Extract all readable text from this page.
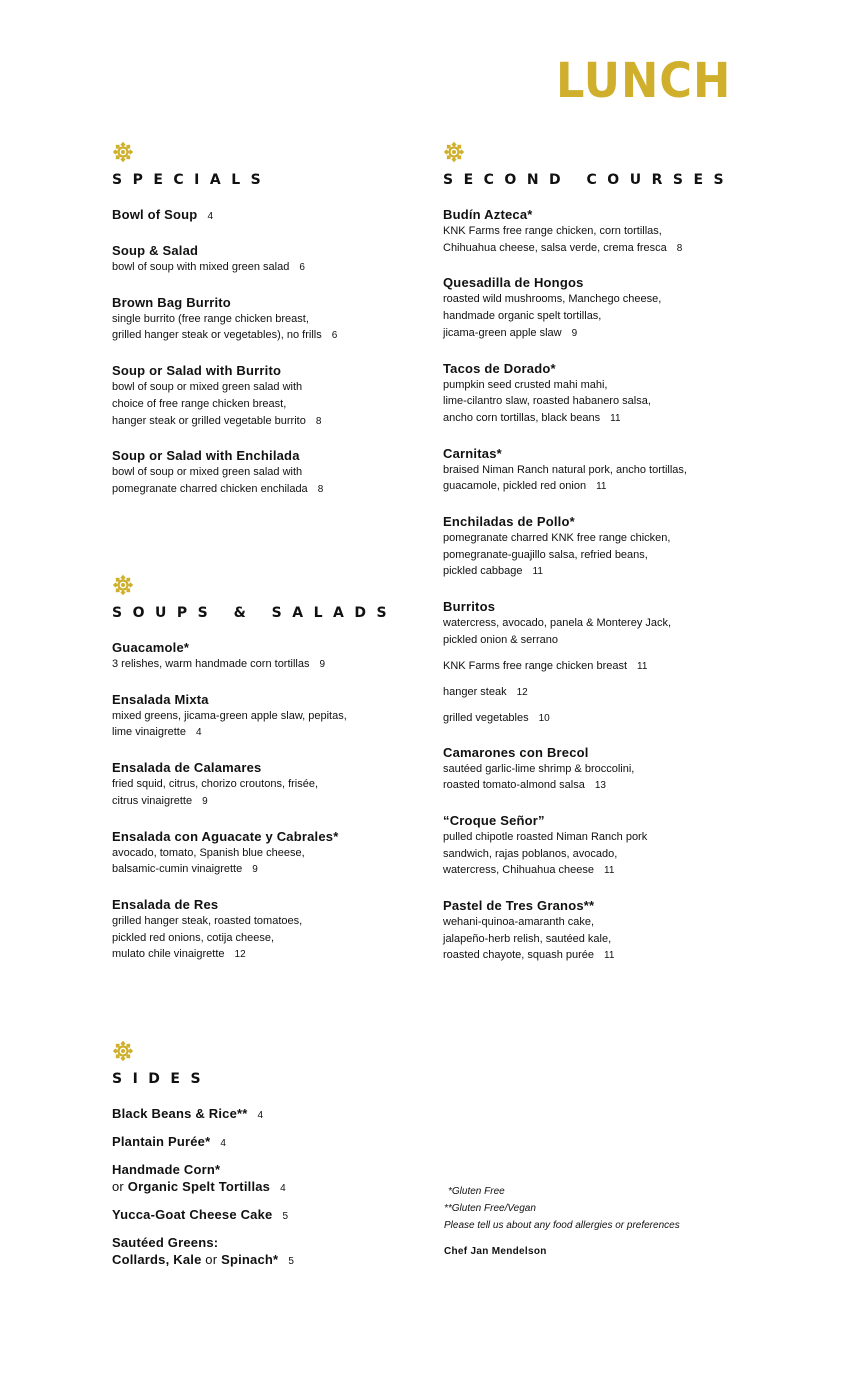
LUNCH
SPECIALS
Bowl of Soup 4
Soup & Salad
bowl of soup with mixed green salad 6
Brown Bag Burrito
single burrito (free range chicken breast,
grilled hanger steak or vegetables), no frills 6
Soup or Salad with Burrito
bowl of soup or mixed green salad with
choice of free range chicken breast,
hanger steak or grilled vegetable burrito 8
Soup or Salad with Enchilada
bowl of soup or mixed green salad with
pomegranate charred chicken enchilada 8
SOUPS & SALADS
Guacamole*
3 relishes, warm handmade corn tortillas 9
Ensalada Mixta
mixed greens, jicama-green apple slaw, pepitas,
lime vinaigrette 4
Ensalada de Calamares
fried squid, citrus, chorizo croutons, frisée,
citrus vinaigrette 9
Ensalada con Aguacate y Cabrales*
avocado, tomato, Spanish blue cheese,
balsamic-cumin vinaigrette 9
Ensalada de Res
grilled hanger steak, roasted tomatoes,
pickled red onions, cotija cheese,
mulato chile vinaigrette 12
SECOND COURSES
Budín Azteca*
KNK Farms free range chicken, corn tortillas,
Chihuahua cheese, salsa verde, crema fresca 8
Quesadilla de Hongos
roasted wild mushrooms, Manchego cheese,
handmade organic spelt tortillas,
jicama-green apple slaw 9
Tacos de Dorado*
pumpkin seed crusted mahi mahi,
lime-cilantro slaw, roasted habanero salsa,
ancho corn tortillas, black beans 11
Carnitas*
braised Niman Ranch natural pork, ancho tortillas,
guacamole, pickled red onion 11
Enchiladas de Pollo*
pomegranate charred KNK free range chicken,
pomegranate-guajillo salsa, refried beans,
pickled cabbage 11
Burritos
watercress, avocado, panela & Monterey Jack,
pickled onion & serrano
KNK Farms free range chicken breast 11
hanger steak 12
grilled vegetables 10
Camarones con Brecol
sautéed garlic-lime shrimp & broccolini,
roasted tomato-almond salsa 13
“Croque Señor”
pulled chipotle roasted Niman Ranch pork
sandwich, rajas poblanos, avocado,
watercress, Chihuahua cheese 11
Pastel de Tres Granos**
wehani-quinoa-amaranth cake,
jalapeño-herb relish, sautéed kale,
roasted chayote, squash purée 11
SIDES
Black Beans & Rice** 4
Plantain Purée* 4
Handmade Corn*
or Organic Spelt Tortillas 4
Yucca-Goat Cheese Cake 5
Sautéed Greens:
Collards, Kale or Spinach* 5
*Gluten Free
**Gluten Free/Vegan
Please tell us about any food allergies or preferences
Chef Jan Mendelson
